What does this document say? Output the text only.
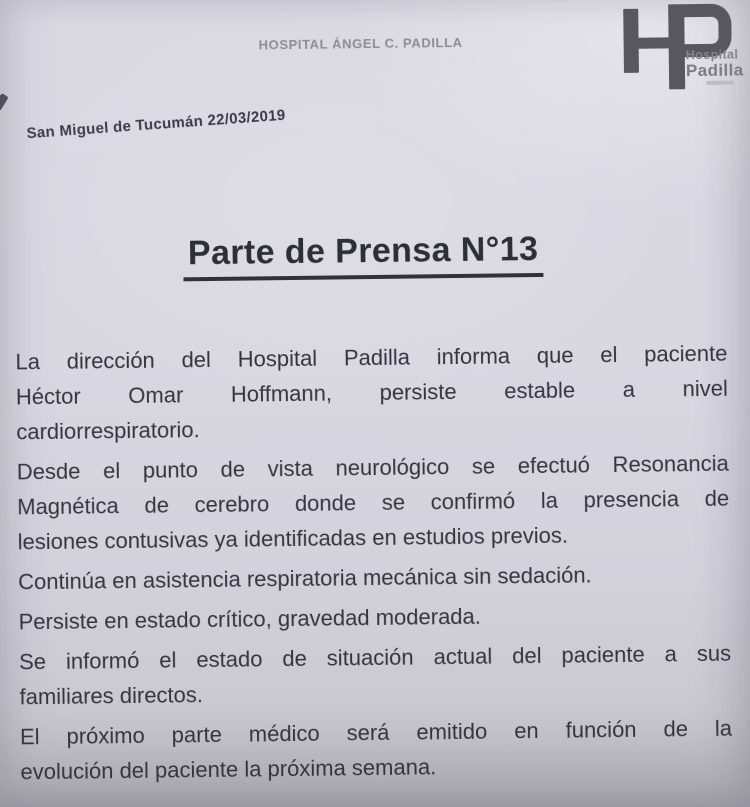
HOSPITAL ÁNGEL C. PADILLA
Hospital
Padilla
San Miguel de Tucumán 22/03/2019
Parte de Prensa N°13
La dirección del Hospital Padilla informa que el paciente
Héctor Omar Hoffmann, persiste estable a nivel
cardiorrespiratorio.
Desde el punto de vista neurológico se efectuó Resonancia
Magnética de cerebro donde se confirmó la presencia de
lesiones contusivas ya identificadas en estudios previos.
Continúa en asistencia respiratoria mecánica sin sedación.
Persiste en estado crítico, gravedad moderada.
Se informó el estado de situación actual del paciente a sus
familiares directos.
El próximo parte médico será emitido en función de la
evolución del paciente la próxima semana.
